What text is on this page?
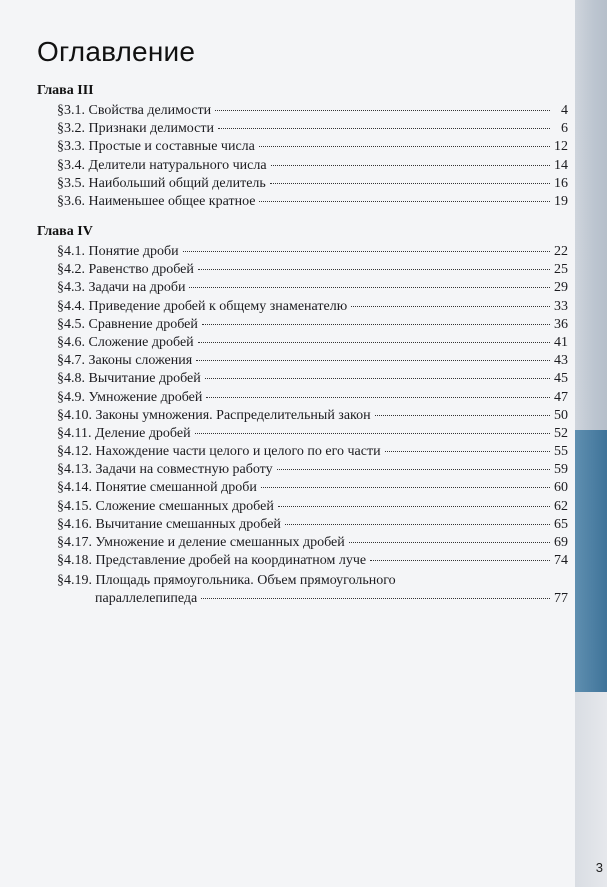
Оглавление
Глава III
§3.1. Свойства делимости	4
§3.2. Признаки делимости	6
§3.3. Простые и составные числа	12
§3.4. Делители натурального числа	14
§3.5. Наибольший общий делитель	16
§3.6. Наименьшее общее кратное	19
Глава IV
§4.1. Понятие дроби	22
§4.2. Равенство дробей	25
§4.3. Задачи на дроби	29
§4.4. Приведение дробей к общему знаменателю	33
§4.5. Сравнение дробей	36
§4.6. Сложение дробей	41
§4.7. Законы сложения	43
§4.8. Вычитание дробей	45
§4.9. Умножение дробей	47
§4.10. Законы умножения. Распределительный закон	50
§4.11. Деление дробей	52
§4.12. Нахождение части целого и целого по его части	55
§4.13. Задачи на совместную работу	59
§4.14. Понятие смешанной дроби	60
§4.15. Сложение смешанных дробей	62
§4.16. Вычитание смешанных дробей	65
§4.17. Умножение и деление смешанных дробей	69
§4.18. Представление дробей на координатном луче	74
§4.19. Площадь прямоугольника. Объем прямоугольного
параллелепипеда	77
3
